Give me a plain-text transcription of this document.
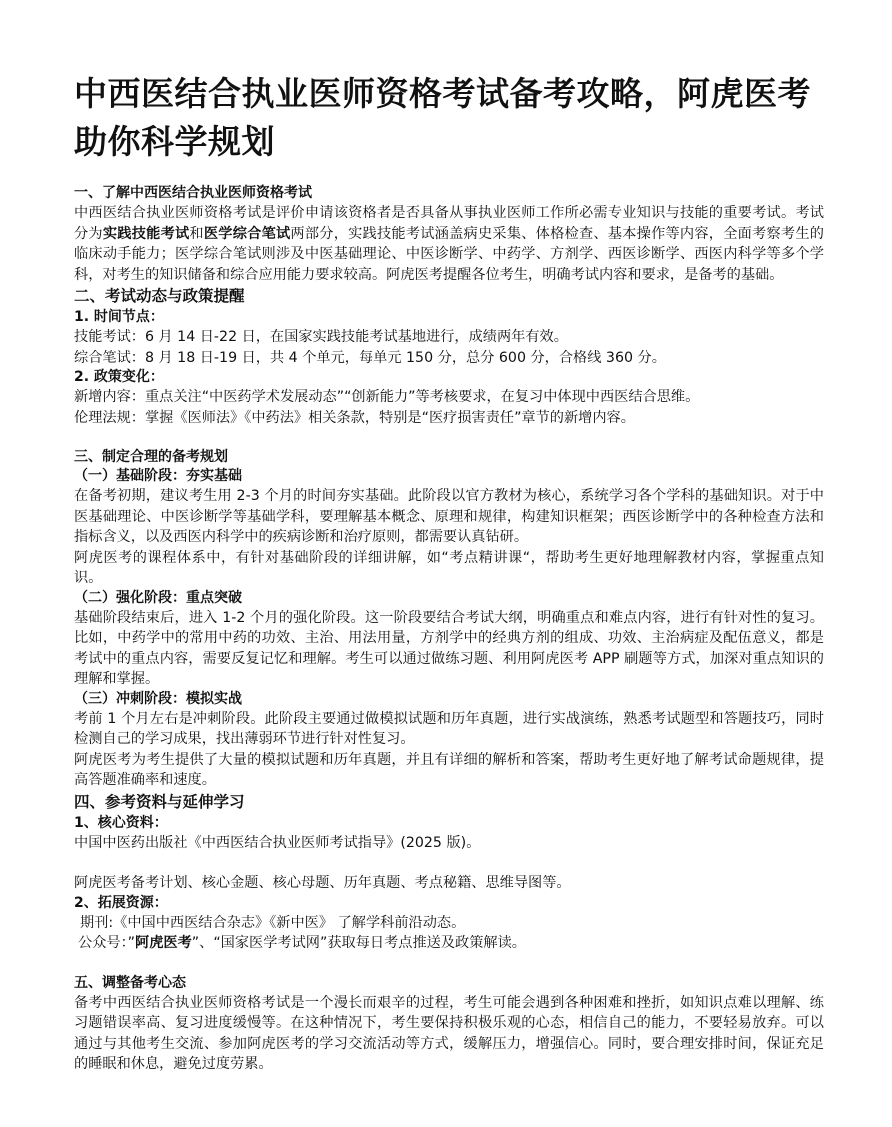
中西医结合执业医师资格考试备考攻略，阿虎医考助你科学规划
一、了解中西医结合执业医师资格考试

中西医结合执业医师资格考试是评价申请该资格者是否具备从事执业医师工作所必需专业知识与技能的重要考试。考试分为实践技能考试和医学综合笔试两部分，实践技能考试涵盖病史采集、体格检查、基本操作等内容，全面考察考生的临床动手能力；医学综合笔试则涉及中医基础理论、中医诊断学、中药学、方剂学、西医诊断学、西医内科学等多个学科，对考生的知识储备和综合应用能力要求较高。阿虎医考提醒各位考生，明确考试内容和要求，是备考的基础。

二、考试动态与政策提醒
1. 时间节点：

技能考试：6 月 14 日-22 日，在国家实践技能考试基地进行，成绩两年有效。

综合笔试：8 月 18 日-19 日，共 4 个单元，每单元 150 分，总分 600 分，合格线 360 分。

2. 政策变化：

新增内容：重点关注“中医药学术发展动态”“创新能力”等考核要求，在复习中体现中西医结合思维。

伦理法规：掌握《医师法》《中药法》相关条款，特别是“医疗损害责任”章节的新增内容。

三、制定合理的备考规划
（一）基础阶段：夯实基础

在备考初期，建议考生用 2-3 个月的时间夯实基础。此阶段以官方教材为核心，系统学习各个学科的基础知识。对于中医基础理论、中医诊断学等基础学科，要理解基本概念、原理和规律，构建知识框架；西医诊断学中的各种检查方法和指标含义，以及西医内科学中的疾病诊断和治疗原则，都需要认真钻研。

阿虎医考的课程体系中，有针对基础阶段的详细讲解，如“考点精讲课“，帮助考生更好地理解教材内容，掌握重点知识。

（二）强化阶段：重点突破

基础阶段结束后，进入 1-2 个月的强化阶段。这一阶段要结合考试大纲，明确重点和难点内容，进行有针对性的复习。比如，中药学中的常用中药的功效、主治、用法用量，方剂学中的经典方剂的组成、功效、主治病症及配伍意义，都是考试中的重点内容，需要反复记忆和理解。考生可以通过做练习题、利用阿虎医考 APP 刷题等方式，加深对重点知识的理解和掌握。

（三）冲刺阶段：模拟实战

考前 1 个月左右是冲刺阶段。此阶段主要通过做模拟试题和历年真题，进行实战演练，熟悉考试题型和答题技巧，同时检测自己的学习成果，找出薄弱环节进行针对性复习。

阿虎医考为考生提供了大量的模拟试题和历年真题，并且有详细的解析和答案，帮助考生更好地了解考试命题规律，提高答题准确率和速度。

四、参考资料与延伸学习
1、核心资料：

中国中医药出版社《中西医结合执业医师考试指导》(2025 版)。

阿虎医考备考计划、核心金题、核心母题、历年真题、考点秘籍、思维导图等。

2、拓展资源：

期刊:《中国中西医结合杂志》《新中医》 了解学科前沿动态。

公众号：”阿虎医考”、“国家医学考试网”获取每日考点推送及政策解读。

五、调整备考心态

备考中西医结合执业医师资格考试是一个漫长而艰辛的过程，考生可能会遇到各种困难和挫折，如知识点难以理解、练习题错误率高、复习进度缓慢等。在这种情况下，考生要保持积极乐观的心态，相信自己的能力，不要轻易放弃。可以通过与其他考生交流、参加阿虎医考的学习交流活动等方式，缓解压力，增强信心。同时，要合理安排时间，保证充足的睡眠和休息，避免过度劳累。
